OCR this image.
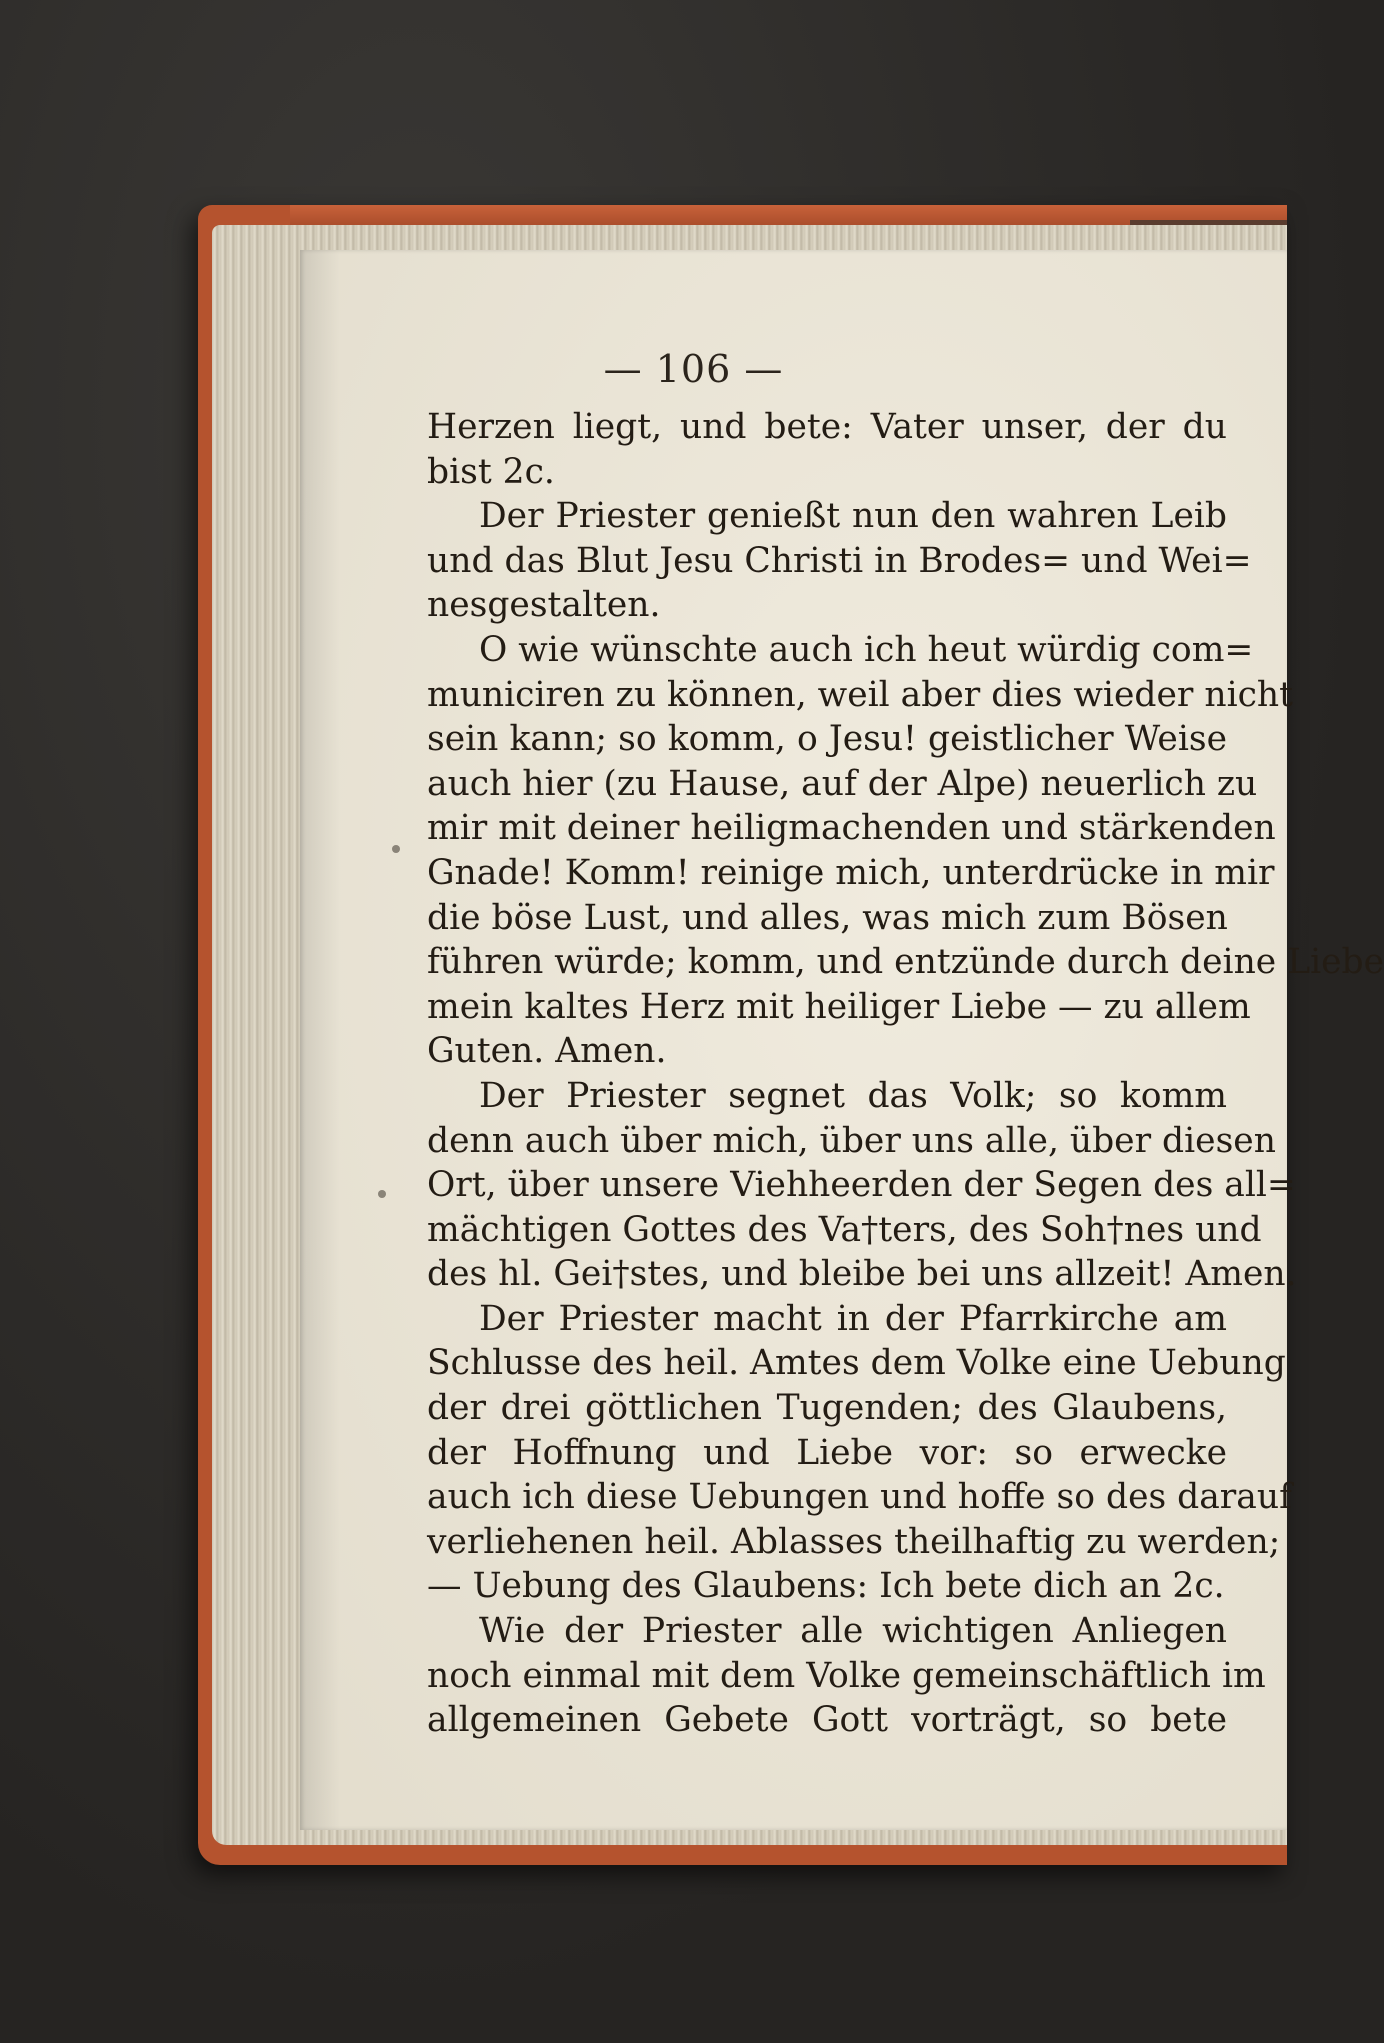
— 106 —
Herzen liegt, und bete: Vater unser, der du
bist 2c.
Der Priester genießt nun den wahren Leib
und das Blut Jesu Christi in Brodes= und Wei=
nesgestalten.
O wie wünschte auch ich heut würdig com=
municiren zu können, weil aber dies wieder nicht
sein kann; so komm, o Jesu! geistlicher Weise
auch hier (zu Hause, auf der Alpe) neuerlich zu
mir mit deiner heiligmachenden und stärkenden
Gnade! Komm! reinige mich, unterdrücke in mir
die böse Lust, und alles, was mich zum Bösen
führen würde; komm, und entzünde durch deine Liebe
mein kaltes Herz mit heiliger Liebe — zu allem
Guten. Amen.
Der Priester segnet das Volk; so komm
denn auch über mich, über uns alle, über diesen
Ort, über unsere Viehheerden der Segen des all=
mächtigen Gottes des Va†ters, des Soh†nes und
des hl. Gei†stes, und bleibe bei uns allzeit! Amen.
Der Priester macht in der Pfarrkirche am
Schlusse des heil. Amtes dem Volke eine Uebung
der drei göttlichen Tugenden; des Glaubens,
der Hoffnung und Liebe vor: so erwecke
auch ich diese Uebungen und hoffe so des darauf
verliehenen heil. Ablasses theilhaftig zu werden;
— Uebung des Glaubens: Ich bete dich an 2c.
Wie der Priester alle wichtigen Anliegen
noch einmal mit dem Volke gemeinschäftlich im
allgemeinen Gebete Gott vorträgt, so bete
